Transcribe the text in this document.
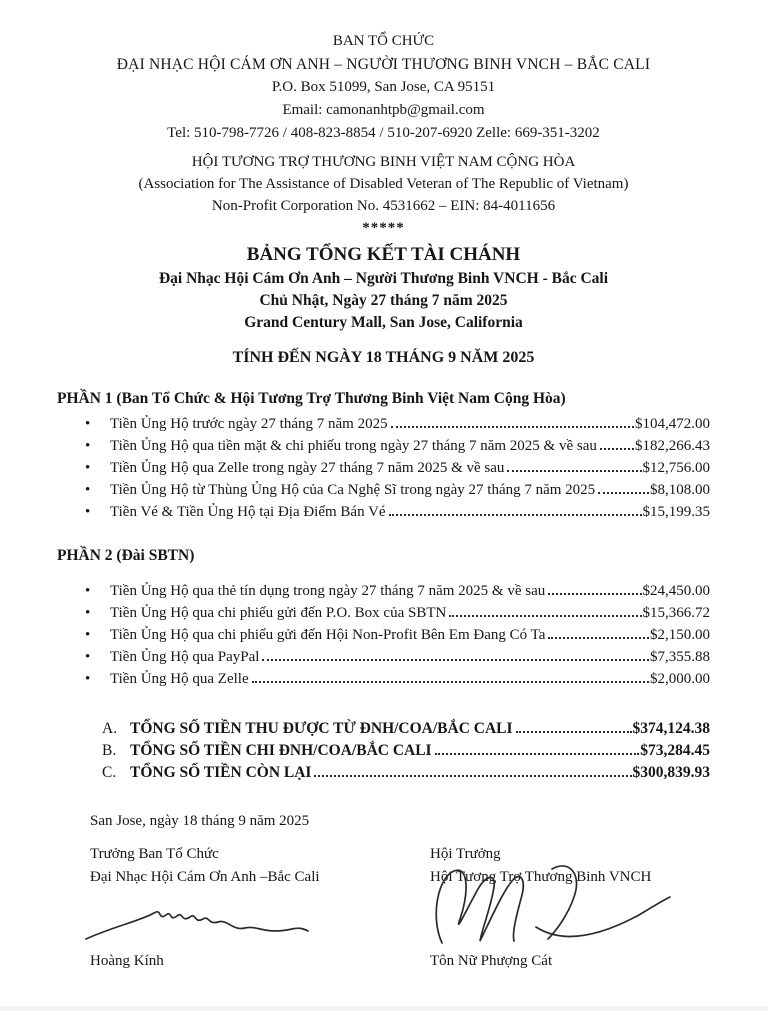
BAN TỔ CHỨC
ĐẠI NHẠC HỘI CÁM ƠN ANH – NGƯỜI THƯƠNG BINH VNCH – BẮC CALI
P.O. Box 51099, San Jose, CA 95151
Email: camonanhtpb@gmail.com
Tel: 510-798-7726 / 408-823-8854 / 510-207-6920 Zelle: 669-351-3202
HỘI TƯƠNG TRỢ THƯƠNG BINH VIỆT NAM CỘNG HÒA
(Association for The Assistance of Disabled Veteran of The Republic of Vietnam)
Non-Profit Corporation No. 4531662 – EIN: 84-4011656
*****
BẢNG TỔNG KẾT TÀI CHÁNH
Đại Nhạc Hội Cám Ơn Anh – Người Thương Binh VNCH - Bắc Cali
Chủ Nhật, Ngày 27 tháng 7 năm 2025
Grand Century Mall, San Jose, California
TÍNH ĐẾN NGÀY 18 THÁNG 9 NĂM 2025
PHẦN 1 (Ban Tổ Chức & Hội Tương Trợ Thương Binh Việt Nam Cộng Hòa)
•	Tiền Ủng Hộ trước ngày 27 tháng 7 năm 2025	$104,472.00
•	Tiền Ủng Hộ qua tiền mặt & chi phiếu trong ngày 27 tháng 7 năm 2025 & về sau	$182,266.43
•	Tiền Ủng Hộ qua Zelle trong ngày 27 tháng 7 năm 2025 & về sau	$12,756.00
•	Tiền Ủng Hộ từ Thùng Ủng Hộ của Ca Nghệ Sĩ trong ngày 27 tháng 7 năm 2025	$8,108.00
•	Tiền Vé & Tiền Ủng Hộ tại Địa Điểm Bán Vé	$15,199.35
PHẦN 2 (Đài SBTN)
•	Tiền Ủng Hộ qua thẻ tín dụng trong ngày 27 tháng 7 năm 2025 & về sau	$24,450.00
•	Tiền Ủng Hộ qua chi phiếu gửi đến P.O. Box của SBTN	$15,366.72
•	Tiền Ủng Hộ qua chi phiếu gửi đến Hội Non-Profit Bên Em Đang Có Ta	$2,150.00
•	Tiền Ủng Hộ qua PayPal	$7,355.88
•	Tiền Ủng Hộ qua Zelle	$2,000.00
A. TỔNG SỐ TIỀN THU ĐƯỢC TỪ ĐNH/COA/BẮC CALI	$374,124.38
B. TỔNG SỐ TIỀN CHI ĐNH/COA/BẮC CALI	$73,284.45
C. TỔNG SỐ TIỀN CÒN LẠI	$300,839.93
San Jose, ngày 18 tháng 9 năm 2025
Trưởng Ban Tổ Chức
Đại Nhạc Hội Cám Ơn Anh –Bắc Cali
Hoàng Kính
Hội Trưởng
Hội Tương Trợ Thương Binh VNCH
Tôn Nữ Phượng Cát
